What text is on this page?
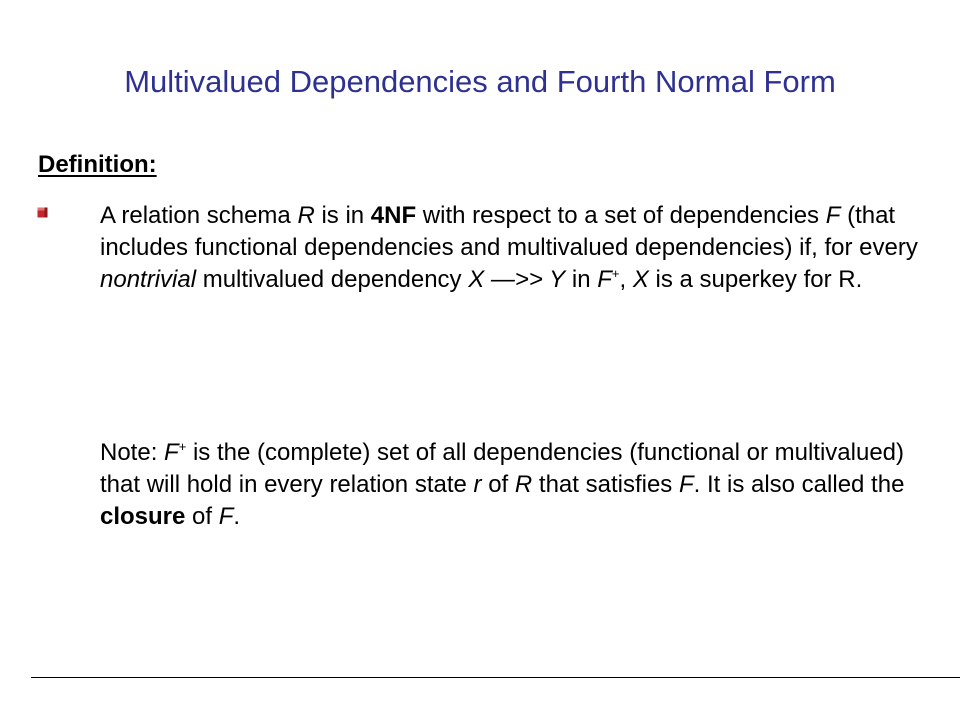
Multivalued Dependencies and Fourth Normal Form
Definition:
A relation schema R is in 4NF with respect to a set of dependencies F (that includes functional dependencies and multivalued dependencies) if, for every nontrivial multivalued dependency X —>> Y in F+, X is a superkey for R.
Note: F+ is the (complete) set of all dependencies (functional or multivalued) that will hold in every relation state r of R that satisfies F. It is also called the closure of F.
